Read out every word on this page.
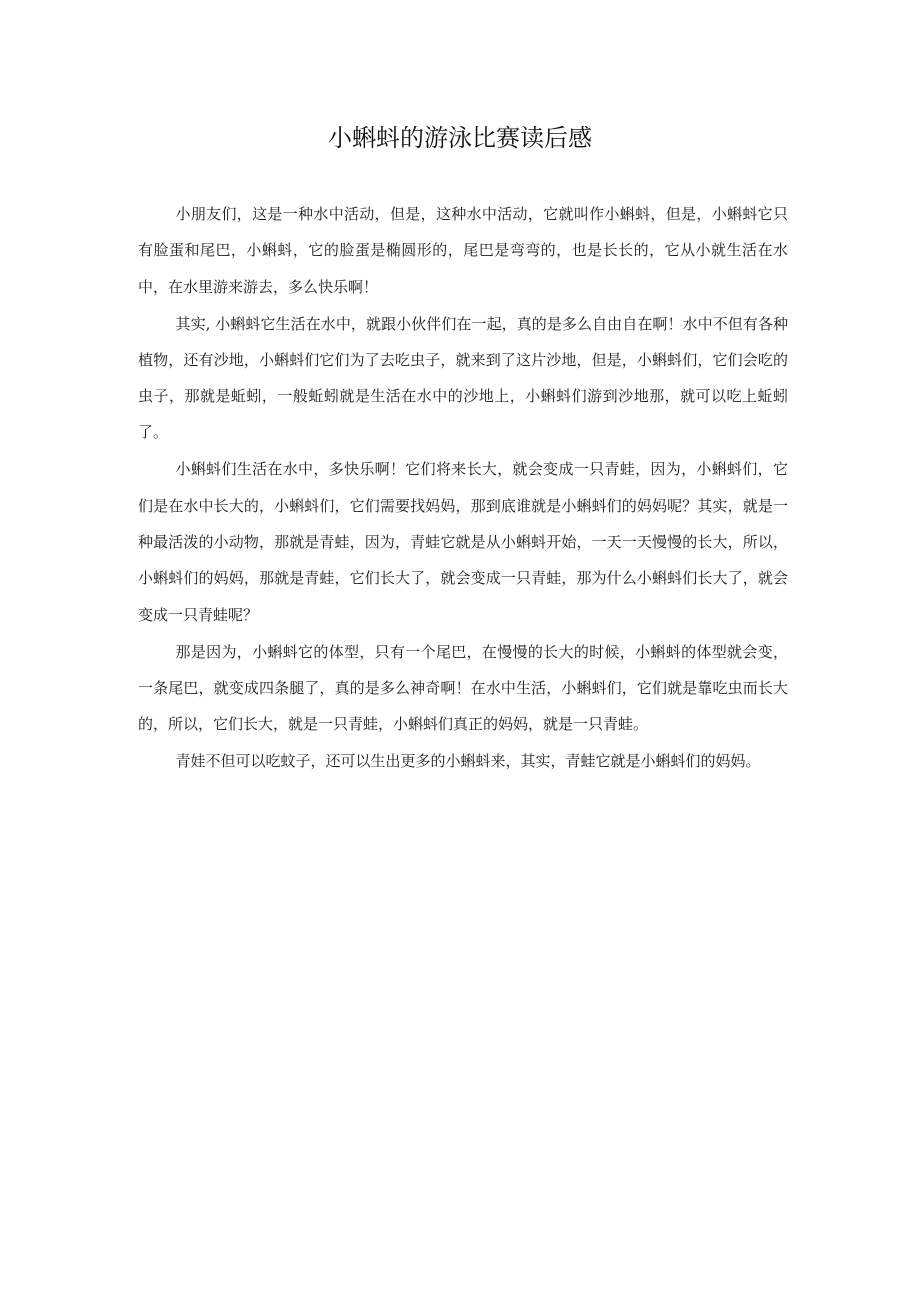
小蝌蚪的游泳比赛读后感

小朋友们，这是一种水中活动，但是，这种水中活动，它就叫作小蝌蚪，但是，小蝌蚪它只有脸蛋和尾巴，小蝌蚪，它的脸蛋是椭圆形的，尾巴是弯弯的，也是长长的，它从小就生活在水中，在水里游来游去，多么快乐啊！

其实, 小蝌蚪它生活在水中，就跟小伙伴们在一起，真的是多么自由自在啊！水中不但有各种植物，还有沙地，小蝌蚪们它们为了去吃虫子，就来到了这片沙地，但是，小蝌蚪们，它们会吃的虫子，那就是蚯蚓，一般蚯蚓就是生活在水中的沙地上，小蝌蚪们游到沙地那，就可以吃上蚯蚓了。

小蝌蚪们生活在水中，多快乐啊！它们将来长大，就会变成一只青蛙，因为，小蝌蚪们，它们是在水中长大的，小蝌蚪们，它们需要找妈妈，那到底谁就是小蝌蚪们的妈妈呢？其实，就是一种最活泼的小动物，那就是青蛙，因为，青蛙它就是从小蝌蚪开始，一天一天慢慢的长大，所以，小蝌蚪们的妈妈，那就是青蛙，它们长大了，就会变成一只青蛙，那为什么小蝌蚪们长大了，就会变成一只青蛙呢？

那是因为，小蝌蚪它的体型，只有一个尾巴，在慢慢的长大的时候，小蝌蚪的体型就会变，一条尾巴，就变成四条腿了，真的是多么神奇啊！在水中生活，小蝌蚪们，它们就是靠吃虫而长大的，所以，它们长大，就是一只青蛙，小蝌蚪们真正的妈妈，就是一只青蛙。

青娃不但可以吃蚊子，还可以生出更多的小蝌蚪来，其实，青蛙它就是小蝌蚪们的妈妈。
